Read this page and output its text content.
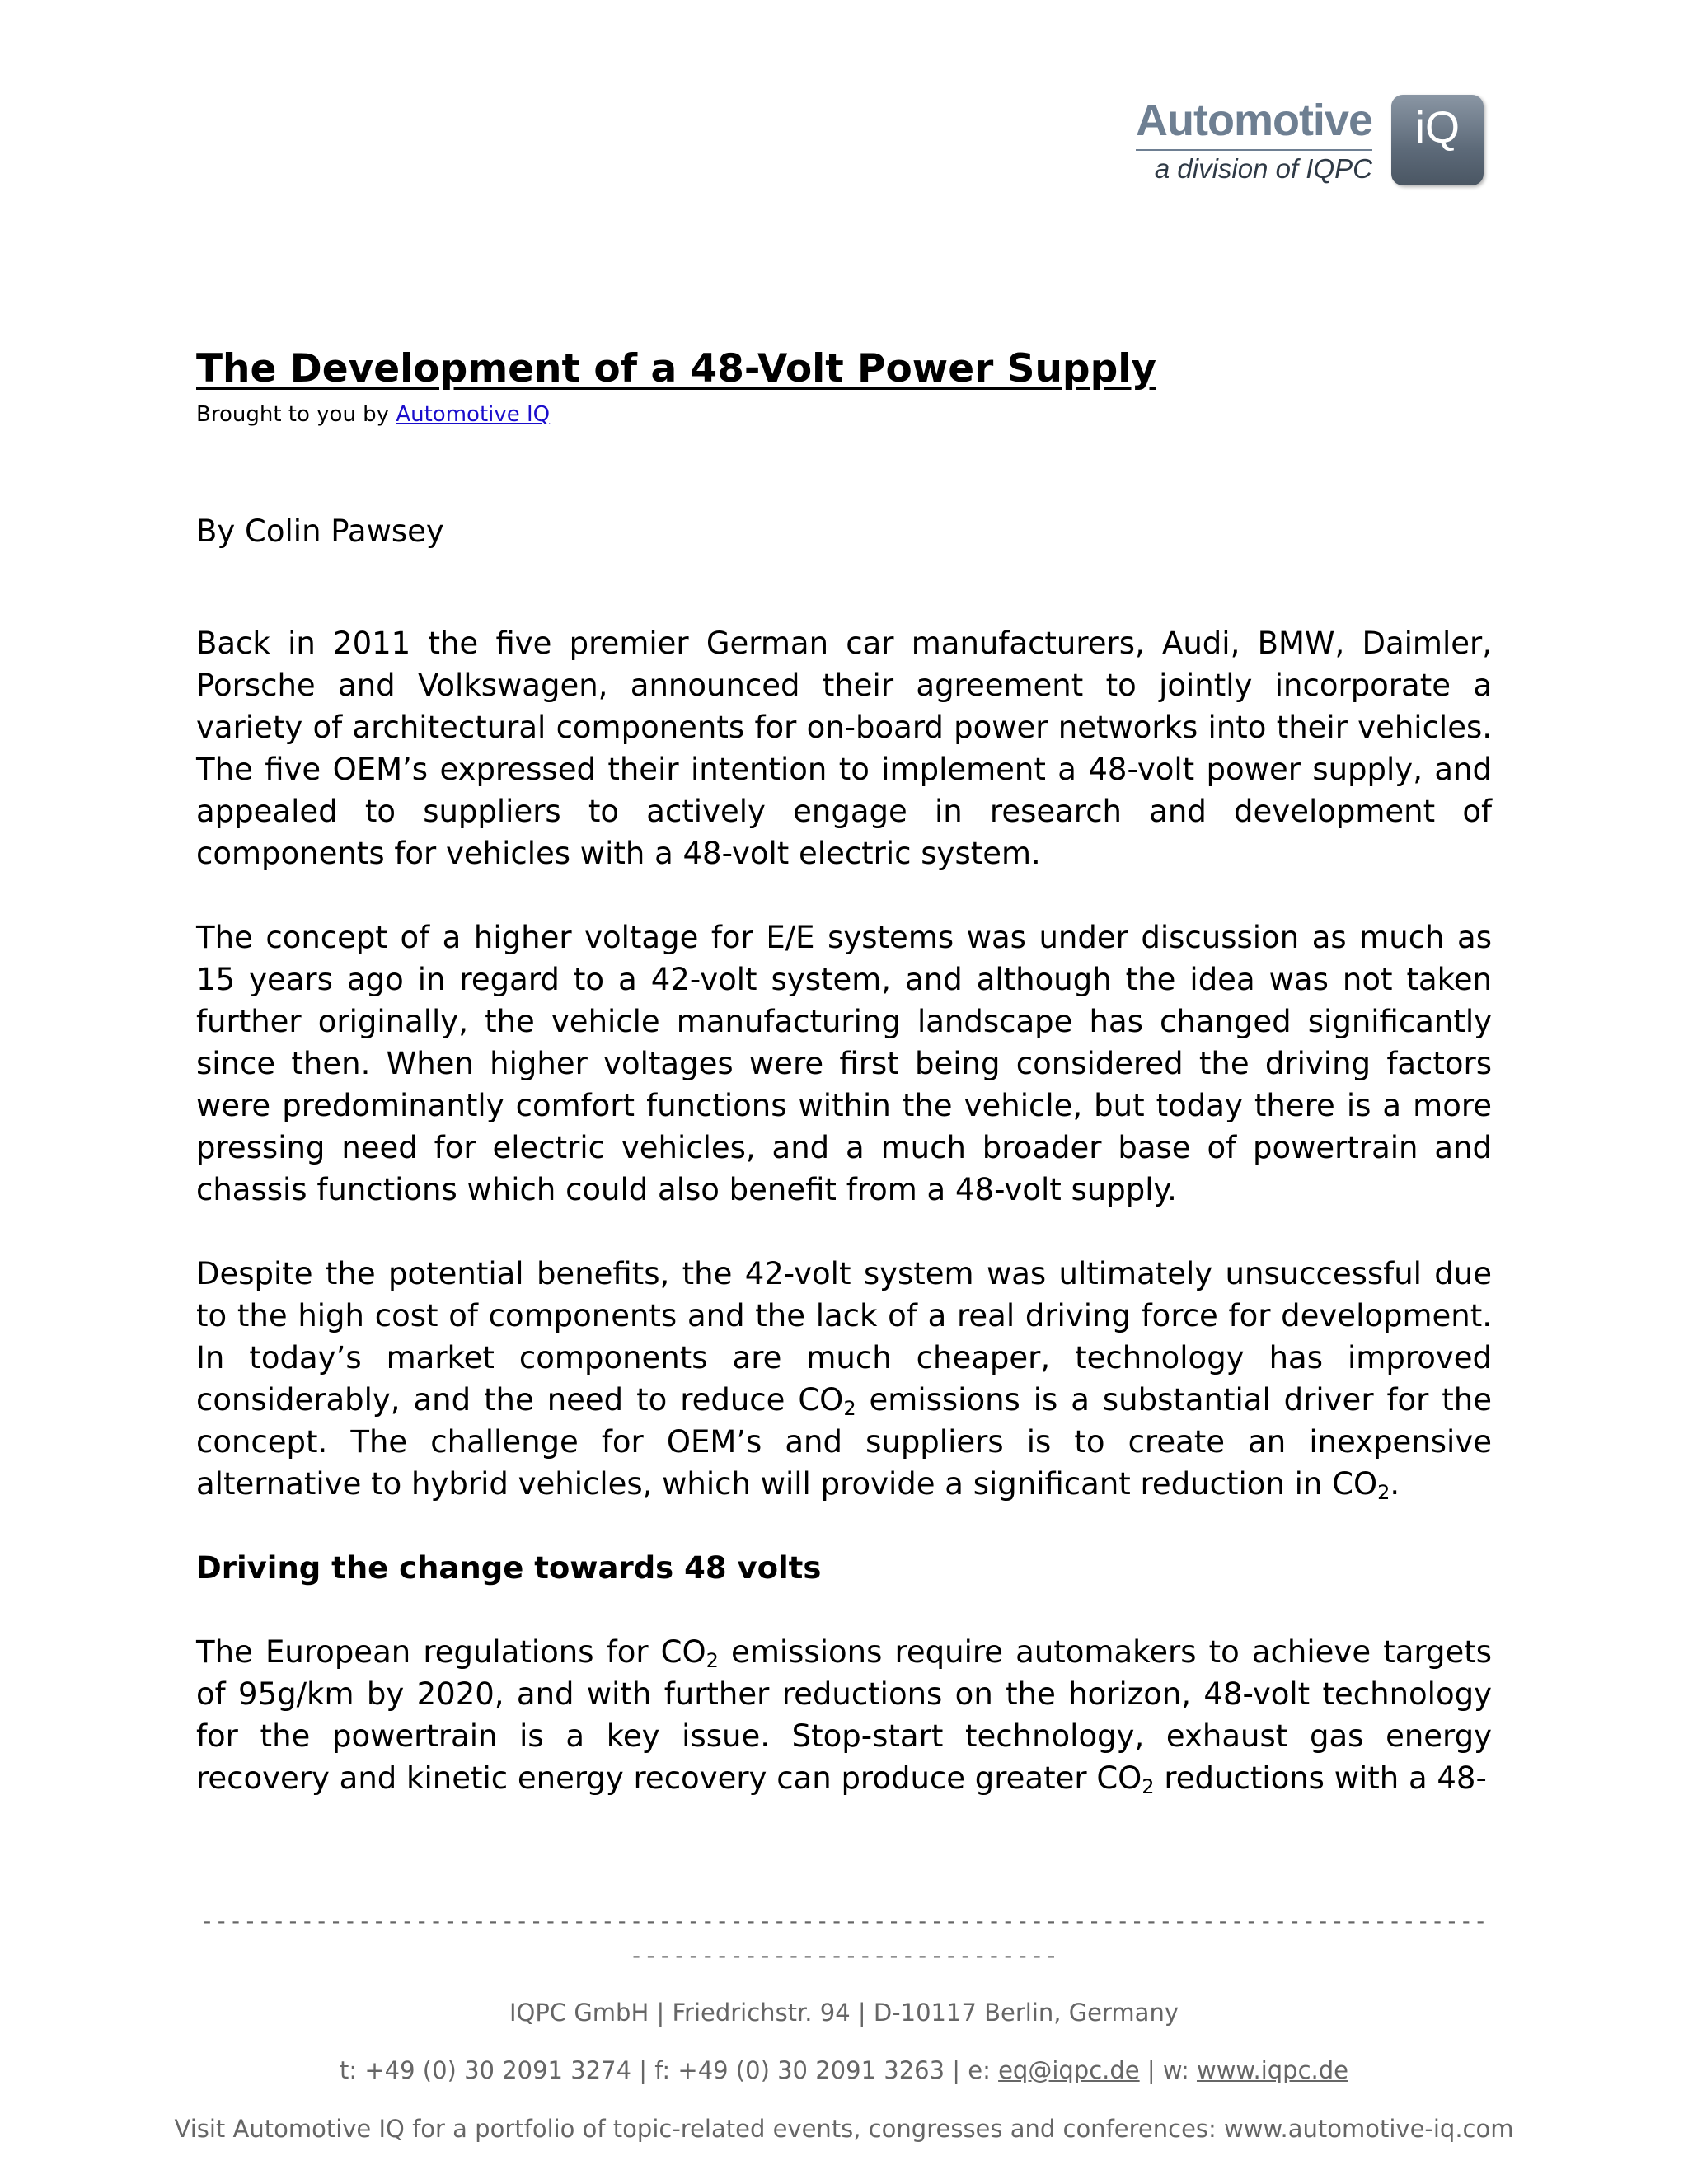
Automotive
a division of IQPC
iQ
The Development of a 48-Volt Power Supply
Brought to you by Automotive IQ
By Colin Pawsey

Back in 2011 the five premier German car manufacturers, Audi, BMW, Daimler, Porsche and Volkswagen, announced their agreement to jointly incorporate a variety of architectural components for on-board power networks into their vehicles. The five OEM’s expressed their intention to implement a 48-volt power supply, and appealed to suppliers to actively engage in research and development of components for vehicles with a 48-volt electric system.

The concept of a higher voltage for E/E systems was under discussion as much as 15 years ago in regard to a 42-volt system, and although the idea was not taken further originally, the vehicle manufacturing landscape has changed significantly since then. When higher voltages were first being considered the driving factors were predominantly comfort functions within the vehicle, but today there is a more pressing need for electric vehicles, and a much broader base of powertrain and chassis functions which could also benefit from a 48-volt supply.

Despite the potential benefits, the 42-volt system was ultimately unsuccessful due to the high cost of components and the lack of a real driving force for development. In today’s market components are much cheaper, technology has improved considerably, and the need to reduce $CO_2$ emissions is a substantial driver for the concept. The challenge for OEM’s and suppliers is to create an inexpensive alternative to hybrid vehicles, which will provide a significant reduction in $CO_2$.

Driving the change towards 48 volts

The European regulations for $CO_2$ emissions require automakers to achieve targets of 95g/km by 2020, and with further reductions on the horizon, 48-volt technology for the powertrain is a key issue. Stop-start technology, exhaust gas energy recovery and kinetic energy recovery can produce greater $CO_2$ reductions with a 48-

------------------------------------------------------------------------------------------------------------------------
IQPC GmbH | Friedrichstr. 94 | D-10117 Berlin, Germany
t: +49 (0) 30 2091 3274 | f: +49 (0) 30 2091 3263 | e: eq@iqpc.de | w: www.iqpc.de
Visit Automotive IQ for a portfolio of topic-related events, congresses and conferences: www.automotive-iq.com
